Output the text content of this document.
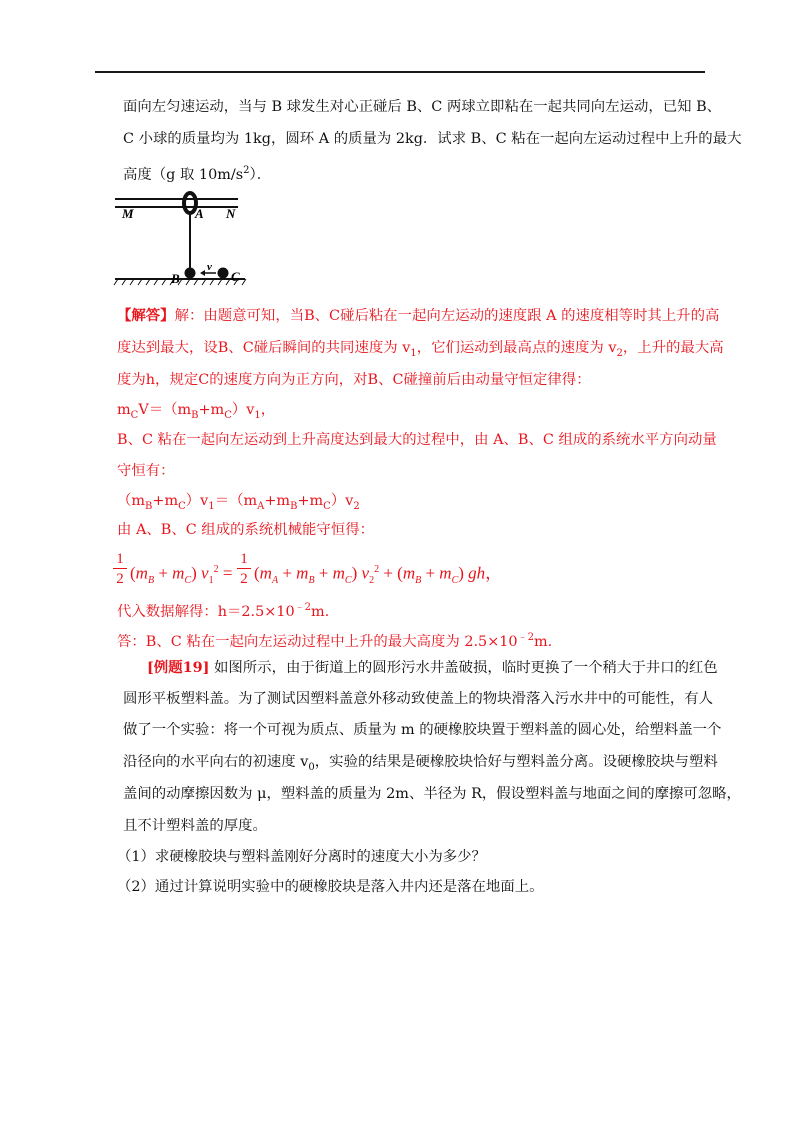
面向左匀速运动，当与 B 球发生对心正碰后 B、C 两球立即粘在一起共同向左运动，已知 B、
C 小球的质量均为 1kg，圆环 A 的质量为 2kg．试求 B、C 粘在一起向左运动过程中上升的最大
高度（g 取 $10m/s^2$）．
M	A N
B
v
C
【解答】解：由题意可知，当B、C碰后粘在一起向左运动的速度跟 A 的速度相等时其上升的高
度达到最大，设B、C碰后瞬间的共同速度为 $v_1$，它们运动到最高点的速度为 $v_2$，上升的最大高
度为h，规定C的速度方向为正方向，对B、C碰撞前后由动量守恒定律得：
$m_CV=(m_B+m_C)v_1$，
B、C 粘在一起向左运动到上升高度达到最大的过程中，由 A、B、C 组成的系统水平方向动量
守恒有：
$(m_B+m_C)v_1=(m_A+m_B+m_C)v_2$
由 A、B、C 组成的系统机械能守恒得：
1
2 $(m_B + m_C) v_1^2$ =
1
2 $(m_A + m_B + m_C) v_2^2 + (m_B + m_C)$ gh，
代入数据解得：$h=2.5\times 10^{﹣2}m$.
答：B、C 粘在一起向左运动过程中上升的最大高度为 $2.5\times 10^{﹣2}m$.
[例题19] 如图所示，由于街道上的圆形污水井盖破损，临时更换了一个稍大于井口的红色
圆形平板塑料盖。为了测试因塑料盖意外移动致使盖上的物块滑落入污水井中的可能性，有人
做了一个实验：将一个可视为质点、质量为 m 的硬橡胶块置于塑料盖的圆心处，给塑料盖一个
沿径向的水平向右的初速度 $v_0$，实验的结果是硬橡胶块恰好与塑料盖分离。设硬橡胶块与塑料
盖间的动摩擦因数为 μ，塑料盖的质量为 2m、半径为 R，假设塑料盖与地面之间的摩擦可忽略，
且不计塑料盖的厚度。
（1）求硬橡胶块与塑料盖刚好分离时的速度大小为多少？
（2）通过计算说明实验中的硬橡胶块是落入井内还是落在地面上。
